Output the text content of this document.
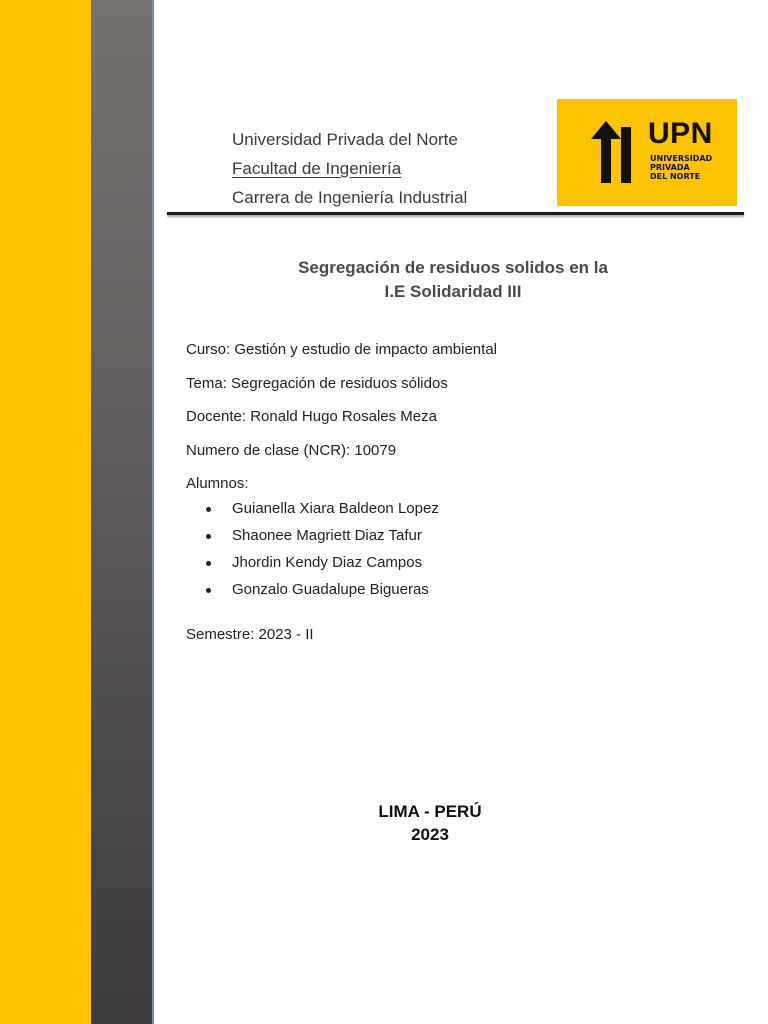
Universidad Privada del Norte
Facultad de Ingeniería
Carrera de Ingeniería Industrial
UPN
UNIVERSIDAD
PRIVADA
DEL NORTE
Segregación de residuos solidos en la
I.E Solidaridad III
Curso: Gestión y estudio de impacto ambiental
Tema: Segregación de residuos sólidos
Docente: Ronald Hugo Rosales Meza
Numero de clase (NCR): 10079
Alumnos:
Guianella Xiara Baldeon Lopez
Shaonee Magriett Diaz Tafur
Jhordin Kendy Diaz Campos
Gonzalo Guadalupe Bigueras
Semestre: 2023 - II
LIMA - PERÚ
2023
